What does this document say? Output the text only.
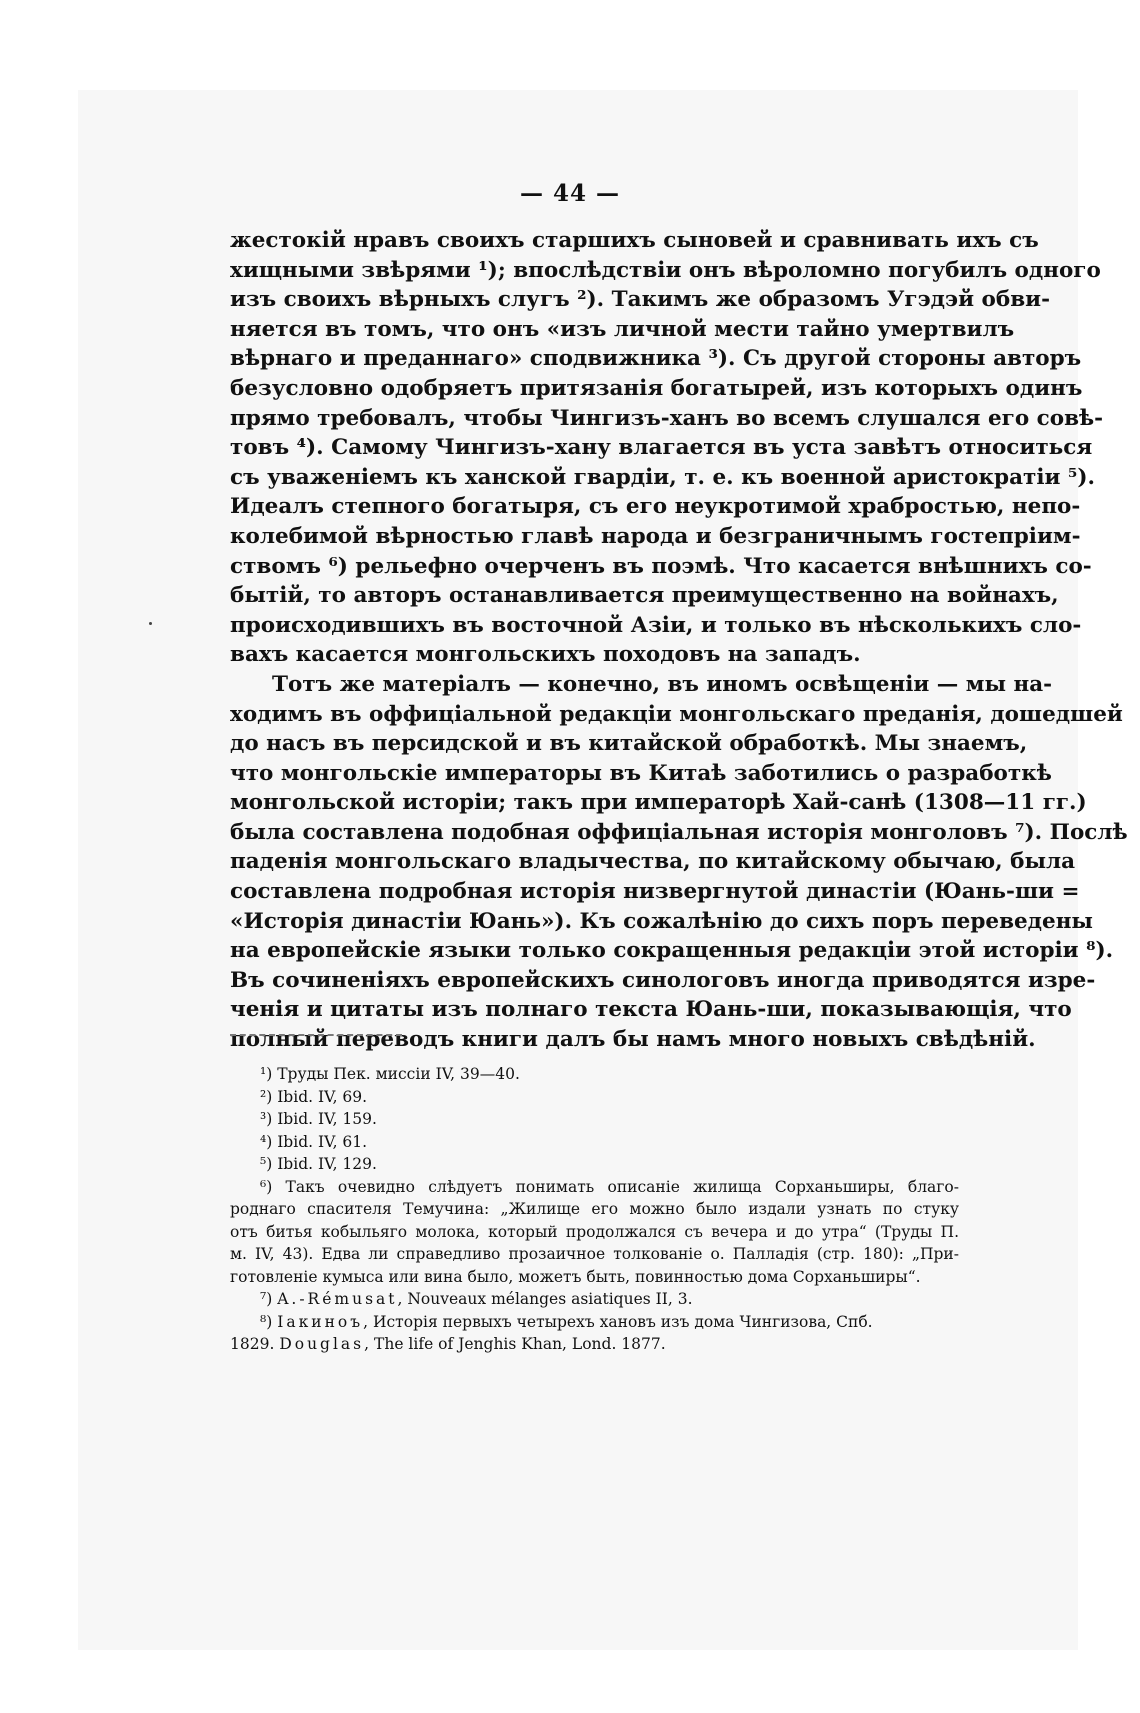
— 44 —
жестокій нравъ своихъ старшихъ сыновей и сравнивать ихъ съ
хищными звѣрями ¹); впослѣдствіи онъ вѣроломно погубилъ одного
изъ своихъ вѣрныхъ слугъ ²). Такимъ же образомъ Угэдэй обви-
няется въ томъ, что онъ «изъ личной мести тайно умертвилъ
вѣрнаго и преданнаго» сподвижника ³). Съ другой стороны авторъ
безусловно одобряетъ притязанія богатырей, изъ которыхъ одинъ
прямо требовалъ, чтобы Чингизъ-ханъ во всемъ слушался его совѣ-
товъ ⁴). Самому Чингизъ-хану влагается въ уста завѣтъ относиться
съ уваженіемъ къ ханской гвардіи, т. е. къ военной аристократіи ⁵).
Идеалъ степного богатыря, съ его неукротимой храбростью, непо-
колебимой вѣрностью главѣ народа и безграничнымъ гостепріим-
ствомъ ⁶) рельефно очерченъ въ поэмѣ. Что касается внѣшнихъ со-
бытій, то авторъ останавливается преимущественно на войнахъ,
происходившихъ въ восточной Азіи, и только въ нѣсколькихъ сло-
вахъ касается монгольскихъ походовъ на западъ.
Тотъ же матеріалъ — конечно, въ иномъ освѣщеніи — мы на-
ходимъ въ оффиціальной редакціи монгольскаго преданія, дошедшей
до насъ въ персидской и въ китайской обработкѣ. Мы знаемъ,
что монгольскіе императоры въ Китаѣ заботились о разработкѣ
монгольской исторіи; такъ при императорѣ Хай-санѣ (1308—11 гг.)
была составлена подобная оффиціальная исторія монголовъ ⁷). Послѣ
паденія монгольскаго владычества, по китайскому обычаю, была
составлена подробная исторія низвергнутой династіи (Юань-ши =
«Исторія династіи Юань»). Къ сожалѣнію до сихъ поръ переведены
на европейскіе языки только сокращенныя редакціи этой исторіи ⁸).
Въ сочиненіяхъ европейскихъ синологовъ иногда приводятся изре-
ченія и цитаты изъ полнаго текста Юань-ши, показывающія, что
полный переводъ книги далъ бы намъ много новыхъ свѣдѣній.
¹) Труды Пек. миссіи IV, 39—40.
²) Ibid. IV, 69.
³) Ibid. IV, 159.
⁴) Ibid. IV, 61.
⁵) Ibid. IV, 129.
⁶) Такъ очевидно слѣдуетъ понимать описаніе жилища Сорханьширы, благо-
роднаго спасителя Темучина: „Жилище его можно было издали узнать по стуку
отъ битья кобыльяго молока, который продолжался съ вечера и до утра“ (Труды П.
м. IV, 43). Едва ли справедливо прозаичное толкованіе о. Палладія (стр. 180): „При-
готовленіе кумыса или вина было, можетъ быть, повинностью дома Сорханьширы“.
⁷) A.-Rémusat, Nouveaux mélanges asiatiques II, 3.
⁸) Іакиноъ, Исторія первыхъ четырехъ хановъ изъ дома Чингизова, Спб.
1829. Douglas, The life of Jenghis Khan, Lond. 1877.
